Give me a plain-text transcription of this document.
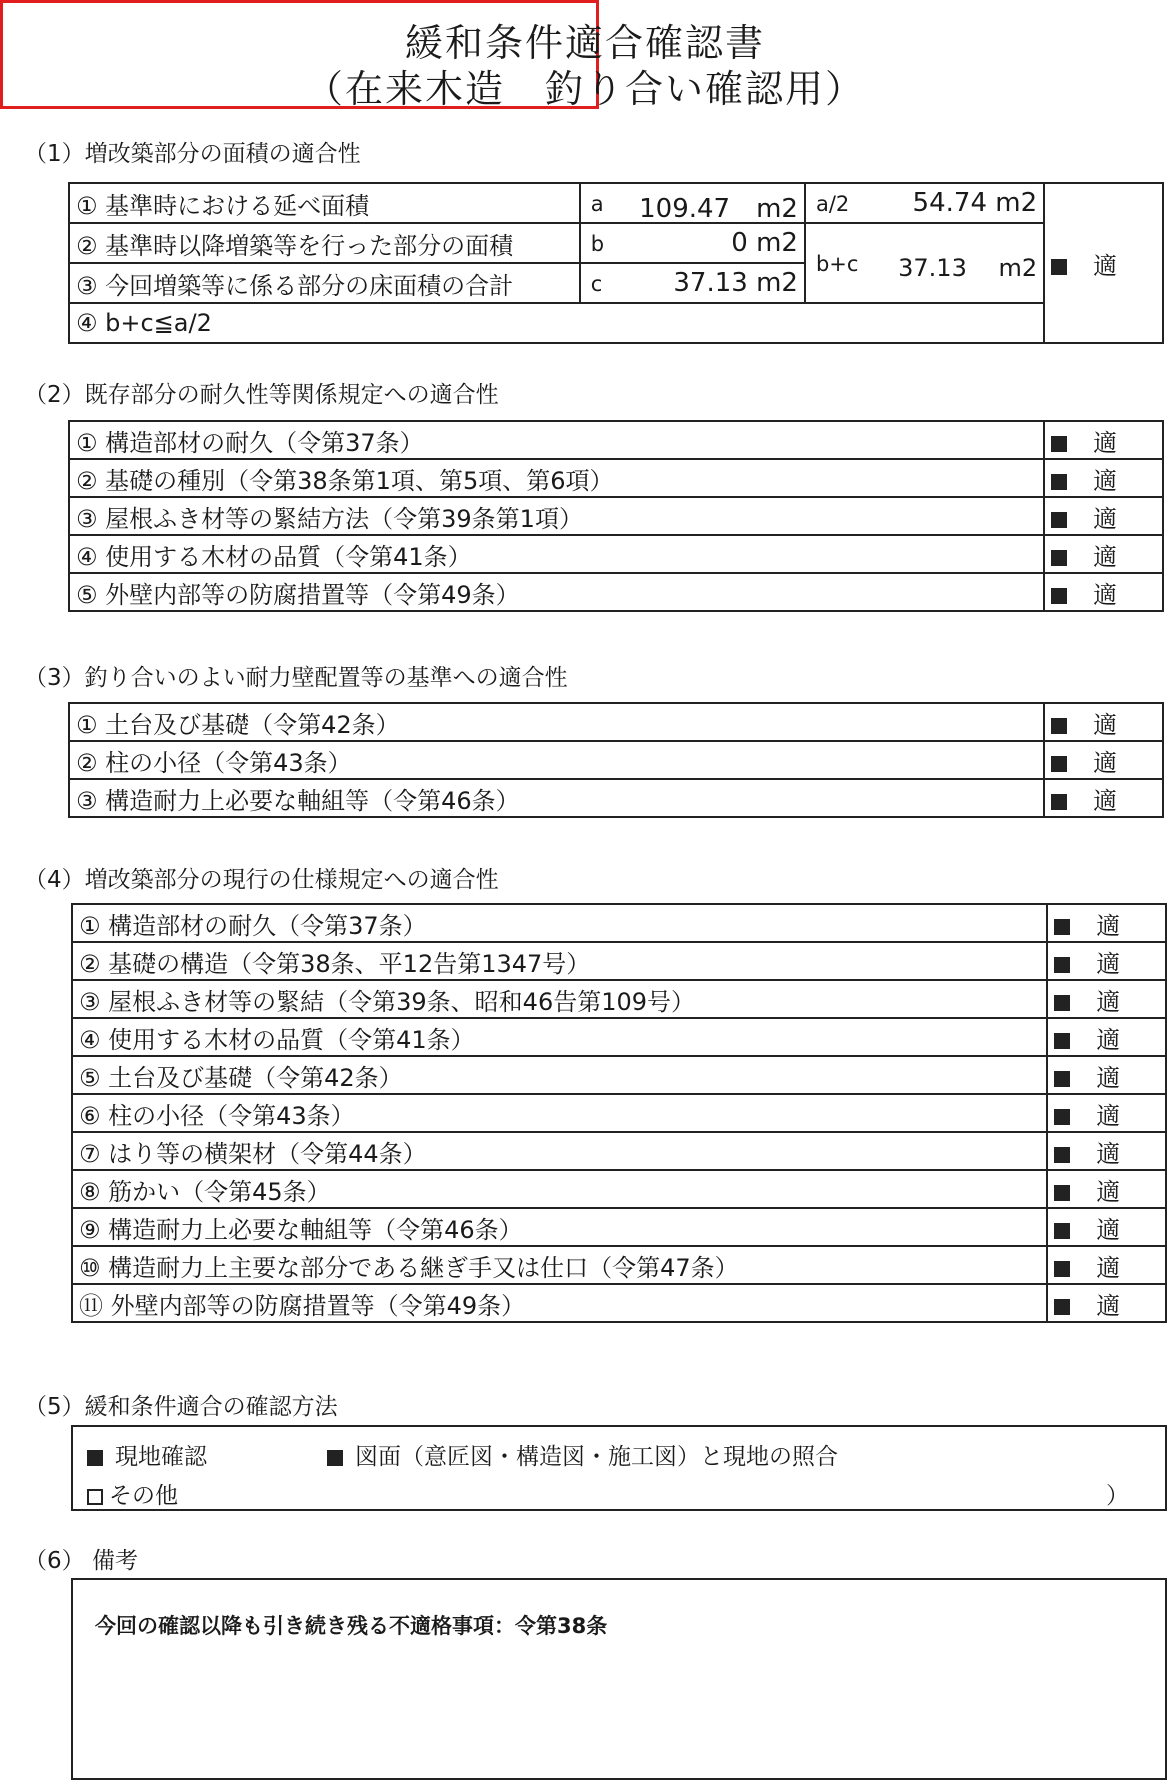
緩和条件適合確認書
（在来木造　釣り合い確認用）
（1）増改築部分の面積の適合性
① 基準時における延べ面積	a 109.47　m2	a/2 54.74 m2	適
② 基準時以降増築等を行った部分の面積	b 0 m2	b+c 37.13　 m2	

③ 今回増築等に係る部分の床面積の合計	c 37.13 m2		

④ b+c≦a/2			
（2）既存部分の耐久性等関係規定への適合性
① 構造部材の耐久（令第37条）	適
② 基礎の種別（令第38条第1項、第5項、第6項）	適
③ 屋根ふき材等の緊結方法（令第39条第1項）	適
④ 使用する木材の品質（令第41条）	適
⑤ 外壁内部等の防腐措置等（令第49条）	適
（3）釣り合いのよい耐力壁配置等の基準への適合性
① 土台及び基礎（令第42条）	適
② 柱の小径（令第43条）	適
③ 構造耐力上必要な軸組等（令第46条）	適
（4）増改築部分の現行の仕様規定への適合性
① 構造部材の耐久（令第37条）	適
② 基礎の構造（令第38条、平12告第1347号）	適
③ 屋根ふき材等の緊結（令第39条、昭和46告第109号）	適
④ 使用する木材の品質（令第41条）	適
⑤ 土台及び基礎（令第42条）	適
⑥ 柱の小径（令第43条）	適
⑦ はり等の横架材（令第44条）	適
⑧ 筋かい（令第45条）	適
⑨ 構造耐力上必要な軸組等（令第46条）	適
⑩ 構造耐力上主要な部分である継ぎ手又は仕口（令第47条）	適
⑪ 外壁内部等の防腐措置等（令第49条）	適
（5）緩和条件適合の確認方法
現地確認	図面（意匠図・構造図・施工図）と現地の照合
その他	）
（6） 備考
今回の確認以降も引き続き残る不適格事項：令第38条
